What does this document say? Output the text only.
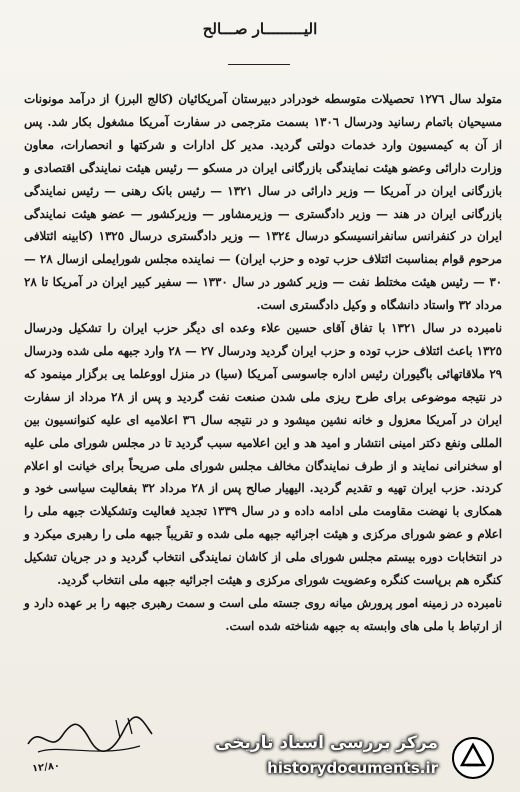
الیـــــــــار صـــالح

متولد سال ١٢٧٦ تحصیلات متوسطه خودرادر دبیرستان آمریکائیان (کالج البرز) از درآمد مونونات مسیحیان باتمام رسانید ودرسال ١٣٠٦ بسمت مترجمی در سفارت آمریکا مشغول بکار شد. پس از آن به کیمسیون وارد خدمات دولتی گردید. مدیر کل ادارات و شرکتها و انحصارات، معاون وزارت دارائی وعضو هیئت نمایندگی بازرگانی ایران در مسکو — رئیس هیئت نمایندگی اقتصادی و بازرگانی ایران در آمریکا — وزیر دارائی در سال ١٣٢١ — رئیس بانک رهنی — رئیس نمایندگی بازرگانی ایران در هند — وزیر دادگستری — وزیرمشاور — وزیرکشور — عضو هیئت نمایندگی ایران در کنفرانس سانفرانسیسکو درسال ١٣٢٤ — وزیر دادگستری درسال ١٣٢٥ (کابینه ائتلافی مرحوم قوام بمناسبت ائتلاف حزب توده و حزب ایران) — نماینده مجلس شورایملی ازسال ٢٨ — ٣٠ — رئیس هیئت مختلط نفت — وزیر کشور در سال ١٣٣٠ — سفیر کبیر ایران در آمریکا تا ٢٨ مرداد ٣٢ واستاد دانشگاه و وکیل دادگستری است.

نامبرده در سال ١٣٢١ با تفاق آقای حسین علاء وعده ای دیگر حزب ایران را تشکیل ودرسال ١٣٢٥ باعث ائتلاف حزب توده و حزب ایران گردید ودرسال ٢٧ — ٢٨ وارد جبهه ملی شده ودرسال ٢٩ ملاقاتهائی باگیوران رئیس اداره جاسوسی آمریکا (سیا) در منزل اووعلما یی برگزار مینمود که در نتیجه موضوعی برای طرح ریزی ملی شدن صنعت نفت گردید و پس از ٢٨ مرداد از سفارت ایران در آمریکا معزول و خانه نشین میشود و در نتیجه سال ٣٦ اعلامیه ای علیه کنوانسیون بین المللی ونفع دکتر امینی انتشار و امید هد و این اعلامیه سبب گردید تا در مجلس شورای ملی علیه او سخنرانی نمایند و از طرف نمایندگان مخالف مجلس شورای ملی صریحاً برای خیانت او اعلام کردند. حزب ایران تهیه و تقدیم گردید. الیهیار صالح پس از ٢٨ مرداد ٣٢ بفعالیت سیاسی خود و همکاری با نهضت مقاومت ملی ادامه داده و در سال ١٣٣٩ تجدید فعالیت وتشکیلات جبهه ملی را اعلام و عضو شورای مرکزی و هیئت اجرائیه جبهه ملی شده و تقریباً جبهه ملی را رهبری میکرد و در انتخابات دوره بیستم مجلس شورای ملی از کاشان نمایندگی انتخاب گردید و در جریان تشکیل کنگره هم برپاست کنگره وعضویت شورای مرکزی و هیئت اجرائیه جبهه ملی انتخاب گردید.

نامبرده در زمینه امور پرورش میانه روی جسته ملی است و سمت رهبری جبهه را بر عهده دارد و از ارتباط با ملی های وابسته به جبهه شناخته شده است.

١٢/٨٠
مرکز بررسی اسناد تاریخی
historydocuments.ir
